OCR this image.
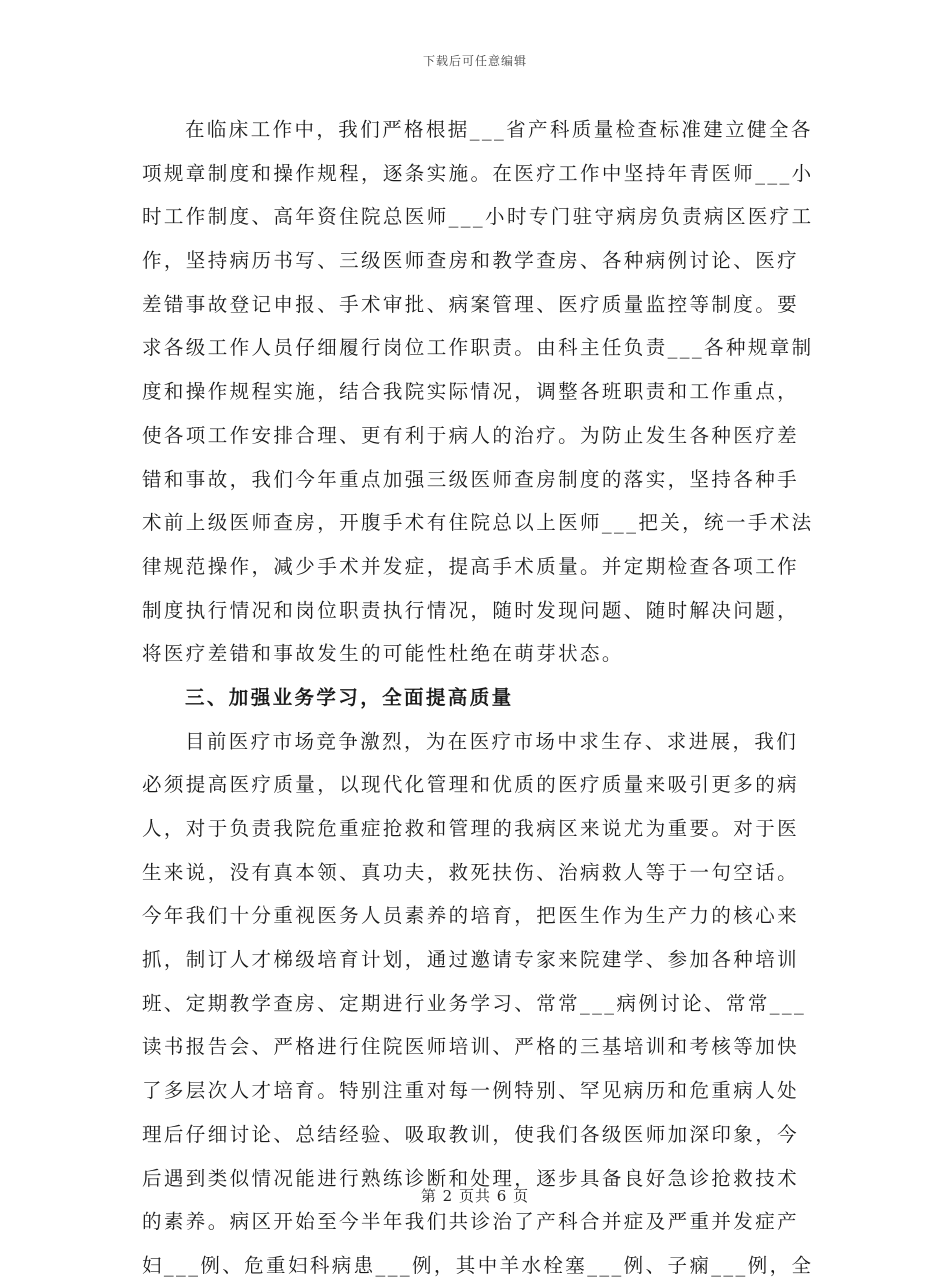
下载后可任意编辑
在临床工作中，我们严格根据___省产科质量检查标准建立健全各
项规章制度和操作规程，逐条实施。在医疗工作中坚持年青医师___小
时工作制度、高年资住院总医师___小时专门驻守病房负责病区医疗工
作，坚持病历书写、三级医师查房和教学查房、各种病例讨论、医疗
差错事故登记申报、手术审批、病案管理、医疗质量监控等制度。要
求各级工作人员仔细履行岗位工作职责。由科主任负责___各种规章制
度和操作规程实施，结合我院实际情况，调整各班职责和工作重点，
使各项工作安排合理、更有利于病人的治疗。为防止发生各种医疗差
错和事故，我们今年重点加强三级医师查房制度的落实，坚持各种手
术前上级医师查房，开腹手术有住院总以上医师___把关，统一手术法
律规范操作，减少手术并发症，提高手术质量。并定期检查各项工作
制度执行情况和岗位职责执行情况，随时发现问题、随时解决问题，
将医疗差错和事故发生的可能性杜绝在萌芽状态。
三、加强业务学习，全面提高质量
目前医疗市场竞争激烈，为在医疗市场中求生存、求进展，我们
必须提高医疗质量，以现代化管理和优质的医疗质量来吸引更多的病
人，对于负责我院危重症抢救和管理的我病区来说尤为重要。对于医
生来说，没有真本领、真功夫，救死扶伤、治病救人等于一句空话。
今年我们十分重视医务人员素养的培育，把医生作为生产力的核心来
抓，制订人才梯级培育计划，通过邀请专家来院建学、参加各种培训
班、定期教学查房、定期进行业务学习、常常___病例讨论、常常___
读书报告会、严格进行住院医师培训、严格的三基培训和考核等加快
了多层次人才培育。特别注重对每一例特别、罕见病历和危重病人处
理后仔细讨论、总结经验、吸取教训，使我们各级医师加深印象，今
后遇到类似情况能进行熟练诊断和处理，逐步具备良好急诊抢救技术
的素养。病区开始至今半年我们共诊治了产科合并症及严重并发症产
妇___例、危重妇科病患___例，其中羊水栓塞___例、子痫___例，全
第 2 页共 6 页
